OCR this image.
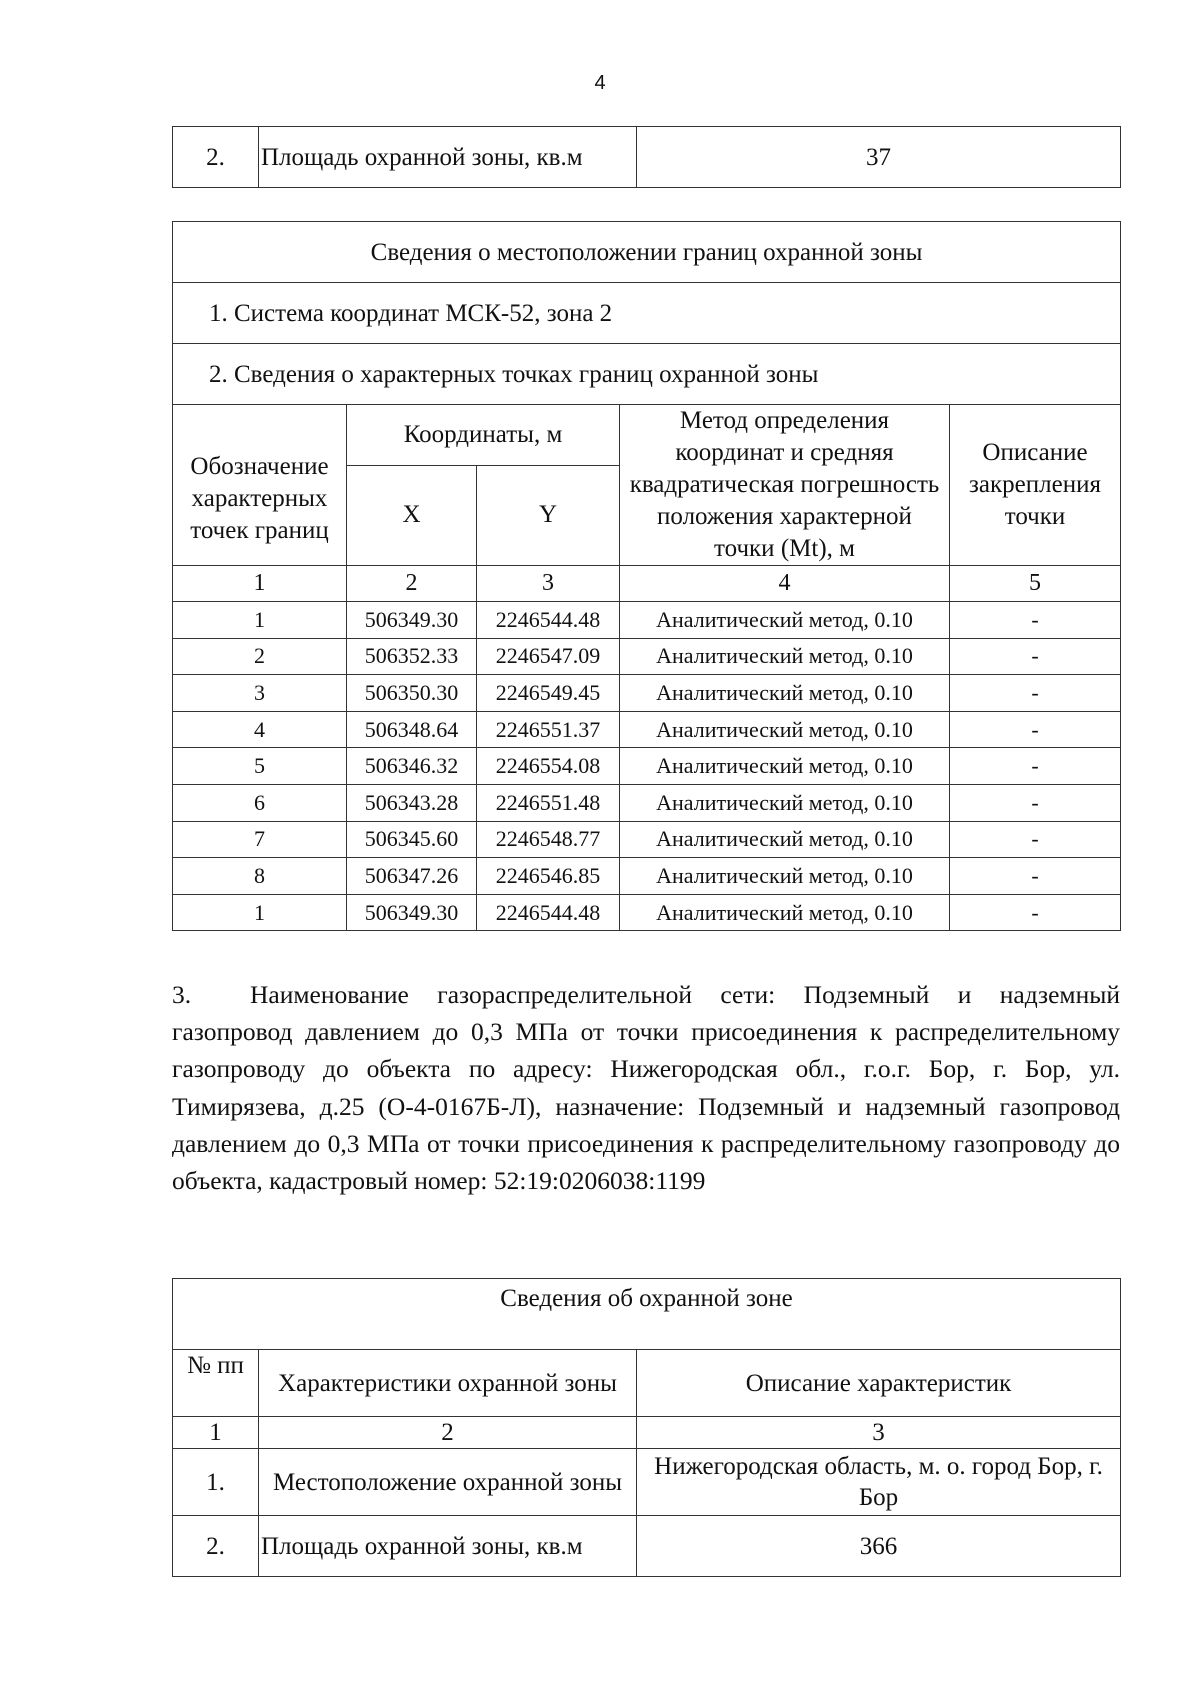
4
2.	Площадь охранной зоны, кв.м	37
Сведения о местоположении границ охранной зоны				
1. Система координат МСК-52, зона 2				
2. Сведения о характерных точках границ охранной зоны				
Обозначение характерных точек границ	Координаты, м		Метод определения координат и средняя квадратическая погрешность положения характерной точки (Mt), м	Описание закрепления точки
	X	Y		
1	2	3	4	5
1	506349.30	2246544.48	Аналитический метод, 0.10	-
2	506352.33	2246547.09	Аналитический метод, 0.10	-
3	506350.30	2246549.45	Аналитический метод, 0.10	-
4	506348.64	2246551.37	Аналитический метод, 0.10	-
5	506346.32	2246554.08	Аналитический метод, 0.10	-
6	506343.28	2246551.48	Аналитический метод, 0.10	-
7	506345.60	2246548.77	Аналитический метод, 0.10	-
8	506347.26	2246546.85	Аналитический метод, 0.10	-
1	506349.30	2246544.48	Аналитический метод, 0.10	-

3. Наименование газораспределительной сети: Подземный и надземный газопровод давлением до 0,3 МПа от точки присоединения к распределительному газопроводу до объекта по адресу: Нижегородская обл., г.о.г. Бор, г. Бор, ул. Тимирязева, д.25 (О-4-0167Б-Л), назначение: Подземный и надземный газопровод давлением до 0,3 МПа от точки присоединения к распределительному газопроводу до объекта, кадастровый номер: 52:19:0206038:1199

Сведения об охранной зоне		
№ пп	Характеристики охранной зоны	Описание характеристик
1	2	3
1.	Местоположение охранной зоны	Нижегородская область, м. о. город Бор, г. Бор
2.	Площадь охранной зоны, кв.м	366
